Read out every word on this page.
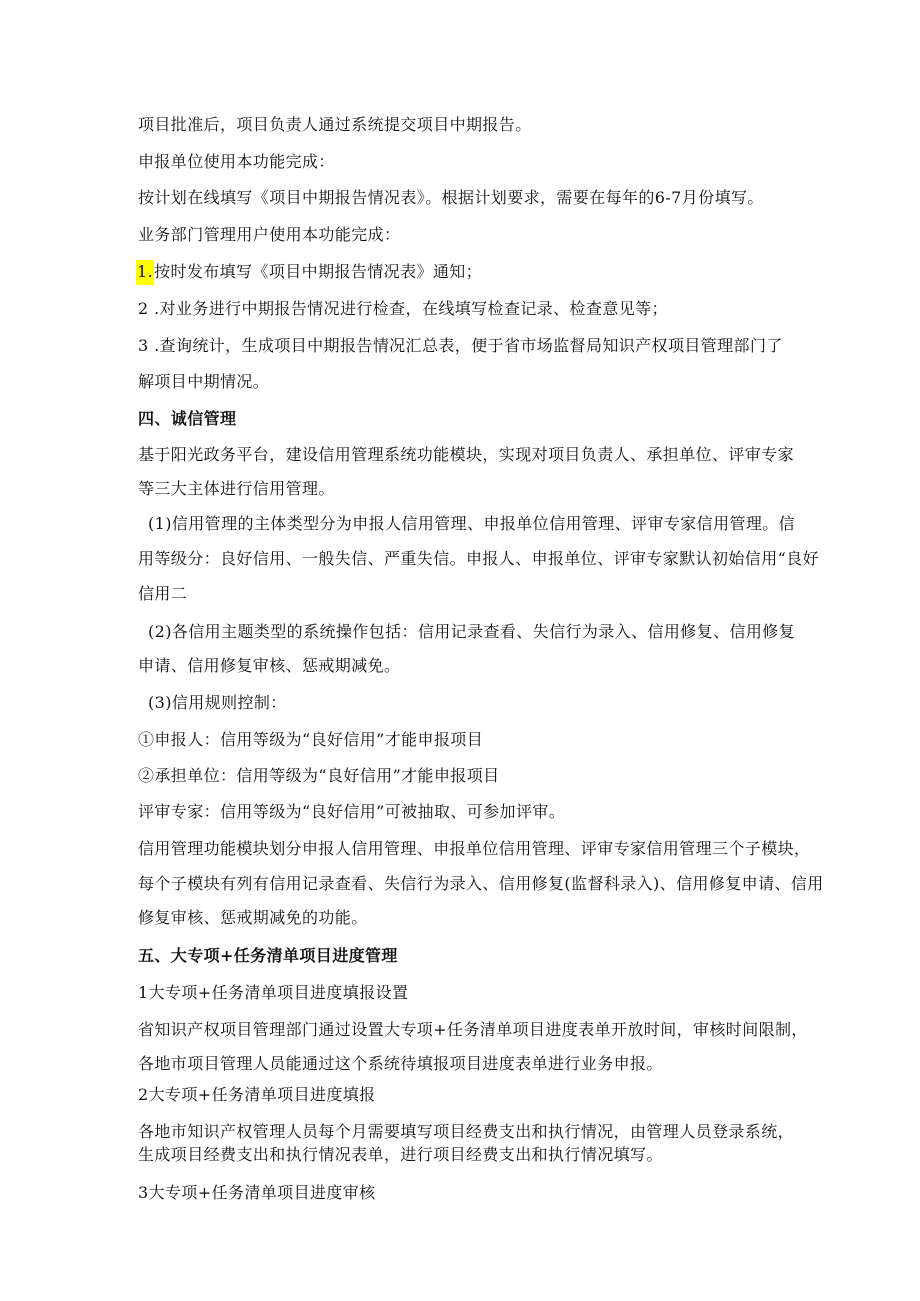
项目批准后，项目负责人通过系统提交项目中期报告。
申报单位使用本功能完成：
按计划在线填写《项目中期报告情况表》。根据计划要求，需要在每年的6-7月份填写。
业务部门管理用户使用本功能完成：
1.按时发布填写《项目中期报告情况表》通知；
2 .对业务进行中期报告情况进行检查，在线填写检查记录、检查意见等；
3 .查询统计，生成项目中期报告情况汇总表，便于省市场监督局知识产权项目管理部门了
解项目中期情况。
四、诚信管理
基于阳光政务平台，建设信用管理系统功能模块，实现对项目负责人、承担单位、评审专家
等三大主体进行信用管理。
(1)信用管理的主体类型分为申报人信用管理、申报单位信用管理、评审专家信用管理。信
用等级分：良好信用、一般失信、严重失信。申报人、申报单位、评审专家默认初始信用“良好
信用二
(2)各信用主题类型的系统操作包括：信用记录查看、失信行为录入、信用修复、信用修复
申请、信用修复审核、惩戒期减免。
(3)信用规则控制：
①申报人：信用等级为“良好信用”才能申报项目
②承担单位：信用等级为“良好信用”才能申报项目
评审专家：信用等级为“良好信用”可被抽取、可参加评审。
信用管理功能模块划分申报人信用管理、申报单位信用管理、评审专家信用管理三个子模块，
每个子模块有列有信用记录查看、失信行为录入、信用修复(监督科录入)、信用修复申请、信用
修复审核、惩戒期减免的功能。
五、大专项+任务清单项目进度管理
1大专项+任务清单项目进度填报设置
省知识产权项目管理部门通过设置大专项+任务清单项目进度表单开放时间，审核时间限制，
各地市项目管理人员能通过这个系统待填报项目进度表单进行业务申报。
2大专项+任务清单项目进度填报
各地市知识产权管理人员每个月需要填写项目经费支出和执行情况，由管理人员登录系统，
生成项目经费支出和执行情况表单，进行项目经费支出和执行情况填写。
3大专项+任务清单项目进度审核
